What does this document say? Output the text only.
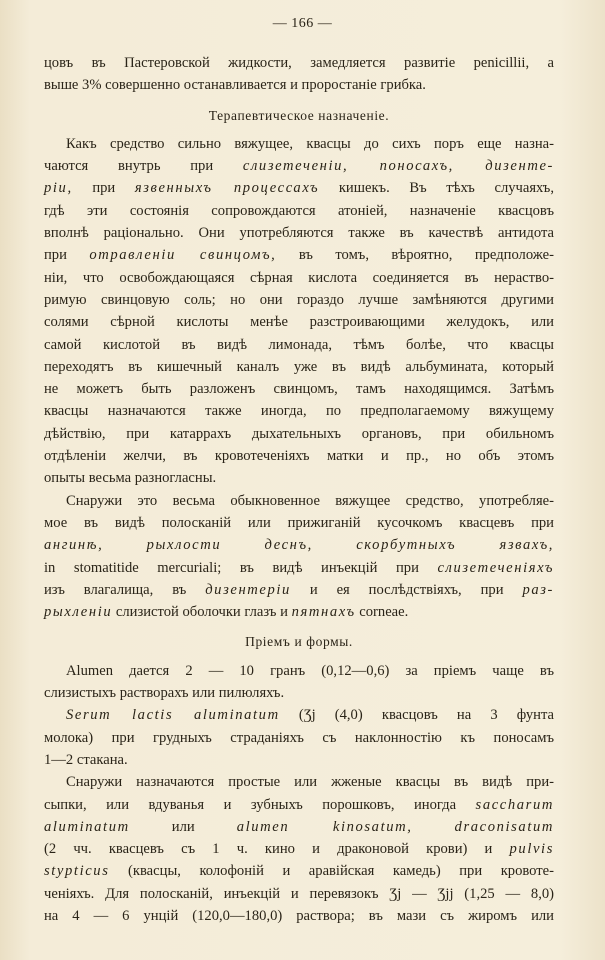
— 166 —

цовъ въ Пастеровской жидкости, замедляется развитіе penicillii, а
выше 3% совершенно останавливается и проростаніе грибка.

Терапевтическое назначеніе.

Какъ средство сильно вяжущее, квасцы до сихъ поръ еще назна-
чаются внутрь при слизетеченіи, поносахъ, дизенте-
ріи, при язвенныхъ процессахъ кишекъ. Въ тѣхъ случаяхъ,
гдѣ эти состоянія сопровождаются атоніей, назначеніе квасцовъ
вполнѣ раціонально. Они употребляются также въ качествѣ антидота
при отравленіи свинцомъ, въ томъ, вѣроятно, предположе-
ніи, что освобождающаяся сѣрная кислота соединяется въ нераство-
римую свинцовую соль; но они гораздо лучше замѣняются другими
солями сѣрной кислоты менѣе разстроивающими желудокъ, или
самой кислотой въ видѣ лимонада, тѣмъ болѣе, что квасцы
переходятъ въ кишечный каналъ уже въ видѣ альбумината, который
не можетъ быть разложенъ свинцомъ, тамъ находящимся. Затѣмъ
квасцы назначаются также иногда, по предполагаемому вяжущему
дѣйствію, при катаррахъ дыхательныхъ органовъ, при обильномъ
отдѣленіи желчи, въ кровотеченіяхъ матки и пр., но объ этомъ
опыты весьма разногласны.

Снаружи это весьма обыкновенное вяжущее средство, употребляе-
мое въ видѣ полосканій или прижиганій кусочкомъ квасцевъ при
ангинѣ, рыхлости деснъ, скорбутныхъ язвахъ,
in stomatitide mercuriali; въ видѣ инъекцій при слизетеченіяхъ
изъ влагалища, въ дизентеріи и ея послѣдствіяхъ, при раз-
рыхленіи слизистой оболочки глазъ и пятнахъ corneae.

Пріемъ и формы.

Alumen дается 2 — 10 гранъ (0,12—0,6) за пріемъ чаще въ
слизистыхъ растворахъ или пилюляхъ.

Serum lactis aluminatum (Ʒj (4,0) квасцовъ на 3 фунта
молока) при грудныхъ страданіяхъ съ наклонностію къ поносамъ
1—2 стакана.

Снаружи назначаются простые или жженые квасцы въ видѣ при-
сыпки, или вдуванья и зубныхъ порошковъ, иногда saccharum
aluminatum или alumen kinosatum,	draconisatum
(2 чч. квасцевъ съ 1 ч. кино и драконовой крови) и pulvis
stypticus (квасцы, колофоній и аравійская камедь) при кровоте-
ченіяхъ. Для полосканій, инъекцій и перевязокъ Ʒj — Ʒjj (1,25 — 8,0)
на 4 — 6 унцій (120,0—180,0) раствора; въ мази съ жиромъ или
